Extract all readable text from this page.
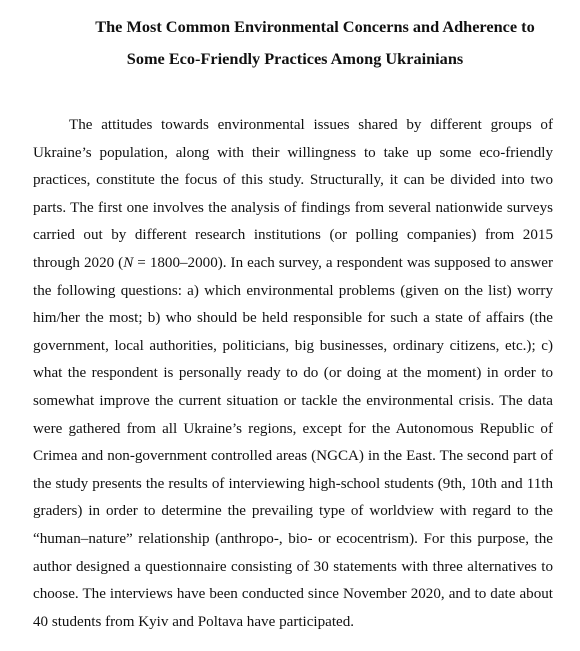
The Most Common Environmental Concerns and Adherence to
Some Eco-Friendly Practices Among Ukrainians

The attitudes towards environmental issues shared by different groups of Ukraine’s population, along with their willingness to take up some eco-friendly practices, constitute the focus of this study. Structurally, it can be divided into two parts. The first one involves the analysis of findings from several nationwide surveys carried out by different research institutions (or polling companies) from 2015 through 2020 (N = 1800–2000). In each survey, a respondent was supposed to answer the following questions: a) which environmental problems (given on the list) worry him/her the most; b) who should be held responsible for such a state of affairs (the government, local authorities, politicians, big businesses, ordinary citizens, etc.); c) what the respondent is personally ready to do (or doing at the moment) in order to somewhat improve the current situation or tackle the environmental crisis. The data were gathered from all Ukraine’s regions, except for the Autonomous Republic of Crimea and non-government controlled areas (NGCA) in the East. The second part of the study presents the results of interviewing high-school students (9th, 10th and 11th graders) in order to determine the prevailing type of worldview with regard to the “human–nature” relationship (anthropo-, bio- or ecocentrism). For this purpose, the author designed a questionnaire consisting of 30 statements with three alternatives to choose. The interviews have been conducted since November 2020, and to date about 40 students from Kyiv and Poltava have participated.
